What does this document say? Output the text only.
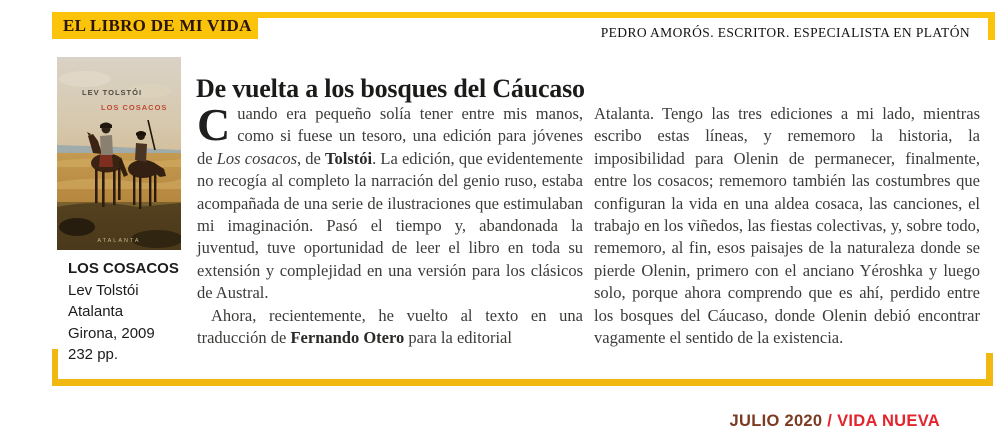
EL LIBRO DE MI VIDA	PEDRO AMORÓS. ESCRITOR. ESPECIALISTA EN PLATÓN
LEV TOLSTÓI
LOS COSACOS
ATALANTA
LOS COSACOS
Lev Tolstói
Atalanta
Girona, 2009
232 pp.
De vuelta a los bosques del Cáucaso
Cuando era pequeño solía tener entre mis manos, como si fuese un tesoro, una edición para jóvenes de Los cosacos, de Tolstói. La edición, que evidentemente no recogía al completo la narración del genio ruso, estaba acompañada de una serie de ilustraciones que estimulaban mi imaginación. Pasó el tiempo y, abandonada la juventud, tuve oportunidad de leer el libro en toda su extensión y complejidad en una versión para los clásicos de Austral.
Ahora, recientemente, he vuelto al texto en una traducción de Fernando Otero para la editorial
Atalanta. Tengo las tres ediciones a mi lado, mientras escribo estas líneas, y rememoro la historia, la imposibilidad para Olenin de permanecer, finalmente, entre los cosacos; rememoro también las costumbres que configuran la vida en una aldea cosaca, las canciones, el trabajo en los viñedos, las fiestas colectivas, y, sobre todo, rememoro, al fin, esos paisajes de la naturaleza donde se pierde Olenin, primero con el anciano Yéroshka y luego solo, porque ahora comprendo que es ahí, perdido entre los bosques del Cáucaso, donde Olenin debió encontrar vagamente el sentido de la existencia.
JULIO 2020 / VIDA NUEVA
